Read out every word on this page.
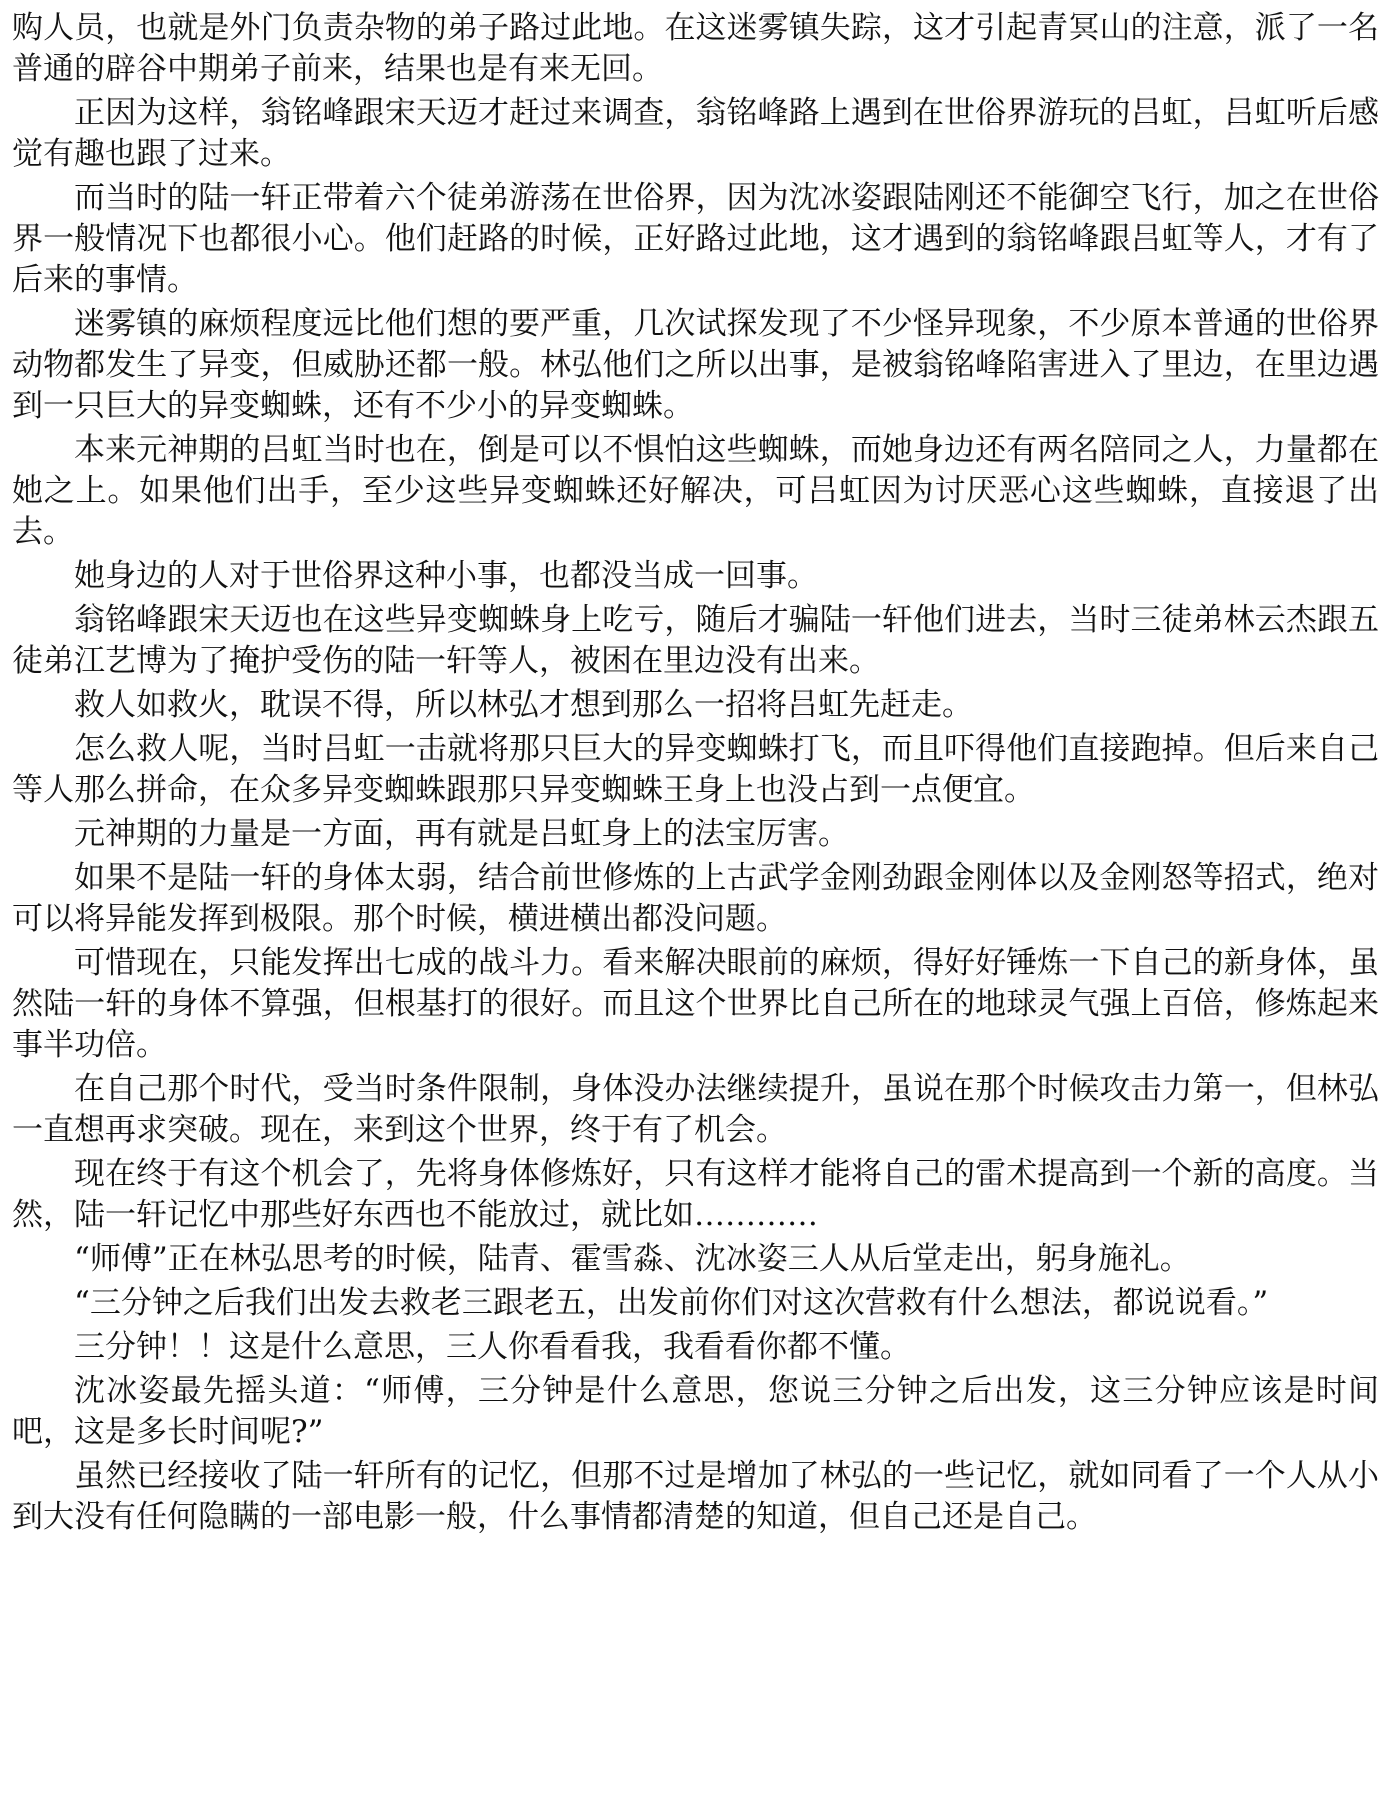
购人员，也就是外门负责杂物的弟子路过此地。在这迷雾镇失踪，这才引起青冥山的注意，派了一名普通的辟谷中期弟子前来，结果也是有来无回。

正因为这样，翁铭峰跟宋天迈才赶过来调查，翁铭峰路上遇到在世俗界游玩的吕虹，吕虹听后感觉有趣也跟了过来。

而当时的陆一轩正带着六个徒弟游荡在世俗界，因为沈冰姿跟陆刚还不能御空飞行，加之在世俗界一般情况下也都很小心。他们赶路的时候，正好路过此地，这才遇到的翁铭峰跟吕虹等人，才有了后来的事情。

迷雾镇的麻烦程度远比他们想的要严重，几次试探发现了不少怪异现象，不少原本普通的世俗界动物都发生了异变，但威胁还都一般。林弘他们之所以出事，是被翁铭峰陷害进入了里边，在里边遇到一只巨大的异变蜘蛛，还有不少小的异变蜘蛛。

本来元神期的吕虹当时也在，倒是可以不惧怕这些蜘蛛，而她身边还有两名陪同之人，力量都在她之上。如果他们出手，至少这些异变蜘蛛还好解决，可吕虹因为讨厌恶心这些蜘蛛，直接退了出去。

她身边的人对于世俗界这种小事，也都没当成一回事。

翁铭峰跟宋天迈也在这些异变蜘蛛身上吃亏，随后才骗陆一轩他们进去，当时三徒弟林云杰跟五徒弟江艺博为了掩护受伤的陆一轩等人，被困在里边没有出来。

救人如救火，耽误不得，所以林弘才想到那么一招将吕虹先赶走。

怎么救人呢，当时吕虹一击就将那只巨大的异变蜘蛛打飞，而且吓得他们直接跑掉。但后来自己等人那么拼命，在众多异变蜘蛛跟那只异变蜘蛛王身上也没占到一点便宜。

元神期的力量是一方面，再有就是吕虹身上的法宝厉害。

如果不是陆一轩的身体太弱，结合前世修炼的上古武学金刚劲跟金刚体以及金刚怒等招式，绝对可以将异能发挥到极限。那个时候，横进横出都没问题。

可惜现在，只能发挥出七成的战斗力。看来解决眼前的麻烦，得好好锤炼一下自己的新身体，虽然陆一轩的身体不算强，但根基打的很好。而且这个世界比自己所在的地球灵气强上百倍，修炼起来事半功倍。

在自己那个时代，受当时条件限制，身体没办法继续提升，虽说在那个时候攻击力第一，但林弘一直想再求突破。现在，来到这个世界，终于有了机会。

现在终于有这个机会了，先将身体修炼好，只有这样才能将自己的雷术提高到一个新的高度。当然，陆一轩记忆中那些好东西也不能放过，就比如…………

“师傅”正在林弘思考的时候，陆青、霍雪淼、沈冰姿三人从后堂走出，躬身施礼。

“三分钟之后我们出发去救老三跟老五，出发前你们对这次营救有什么想法，都说说看。”

三分钟！！这是什么意思，三人你看看我，我看看你都不懂。

沈冰姿最先摇头道：“师傅，三分钟是什么意思，您说三分钟之后出发，这三分钟应该是时间吧，这是多长时间呢?”

虽然已经接收了陆一轩所有的记忆，但那不过是增加了林弘的一些记忆，就如同看了一个人从小到大没有任何隐瞒的一部电影一般，什么事情都清楚的知道，但自己还是自己。
